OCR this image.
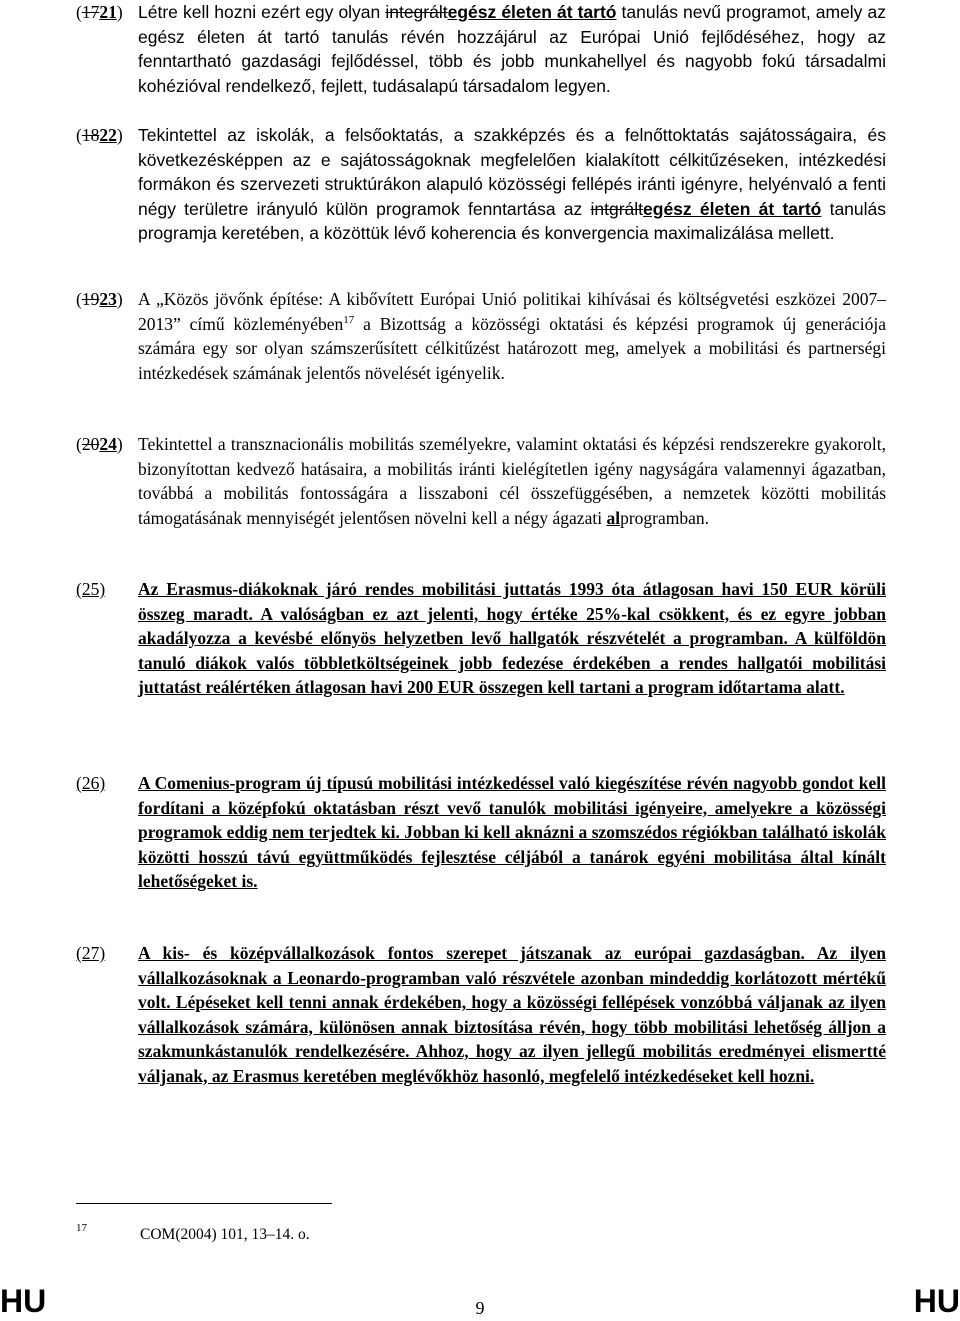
(1721) Létre kell hozni ezért egy olyan integráltegész életen át tartó tanulás nevű programot, amely az egész életen át tartó tanulás révén hozzájárul az Európai Unió fejlődéséhez, hogy az fenntartható gazdasági fejlődéssel, több és jobb munkahellyel és nagyobb fokú társadalmi kohézióval rendelkező, fejlett, tudásalapú társadalom legyen.
(1822) Tekintettel az iskolák, a felsőoktatás, a szakképzés és a felnőttoktatás sajátosságaira, és következésképpen az e sajátosságoknak megfelelően kialakított célkitűzéseken, intézkedési formákon és szervezeti struktúrákon alapuló közösségi fellépés iránti igényre, helyénvaló a fenti négy területre irányuló külön programok fenntartása az intgráltegész életen át tartó tanulás programja keretében, a közöttük lévő koherencia és konvergencia maximalizálása mellett.
(1923) A „Közös jövőnk építése: A kibővített Európai Unió politikai kihívásai és költségvetési eszközei 2007–2013” című közleményében$^{17}$ a Bizottság a közösségi oktatási és képzési programok új generációja számára egy sor olyan számszerűsített célkitűzést határozott meg, amelyek a mobilitási és partnerségi intézkedések számának jelentős növelését igényelik.
(2024) Tekintettel a transznacionális mobilitás személyekre, valamint oktatási és képzési rendszerekre gyakorolt, bizonyítottan kedvező hatásaira, a mobilitás iránti kielégítetlen igény nagyságára valamennyi ágazatban, továbbá a mobilitás fontosságára a lisszaboni cél összefüggésében, a nemzetek közötti mobilitás támogatásának mennyiségét jelentősen növelni kell a négy ágazati alprogramban.
(25) Az Erasmus-diákoknak járó rendes mobilitási juttatás 1993 óta átlagosan havi 150 EUR körüli összeg maradt. A valóságban ez azt jelenti, hogy értéke 25%-kal csökkent, és ez egyre jobban akadályozza a kevésbé előnyös helyzetben levő hallgatók részvételét a programban. A külföldön tanuló diákok valós többletköltségeinek jobb fedezése érdekében a rendes hallgatói mobilitási juttatást reálértéken átlagosan havi 200 EUR összegen kell tartani a program időtartama alatt.
(26) A Comenius-program új típusú mobilitási intézkedéssel való kiegészítése révén nagyobb gondot kell fordítani a középfokú oktatásban részt vevő tanulók mobilitási igényeire, amelyekre a közösségi programok eddig nem terjedtek ki. Jobban ki kell aknázni a szomszédos régiókban található iskolák közötti hosszú távú együttműködés fejlesztése céljából a tanárok egyéni mobilitása által kínált lehetőségeket is.
(27) A kis- és középvállalkozások fontos szerepet játszanak az európai gazdaságban. Az ilyen vállalkozásoknak a Leonardo-programban való részvétele azonban mindeddig korlátozott mértékű volt. Lépéseket kell tenni annak érdekében, hogy a közösségi fellépések vonzóbbá váljanak az ilyen vállalkozások számára, különösen annak biztosítása révén, hogy több mobilitási lehetőség álljon a szakmunkástanulók rendelkezésére. Ahhoz, hogy az ilyen jellegű mobilitás eredményei elismertté váljanak, az Erasmus keretében meglévőkhöz hasonló, megfelelő intézkedéseket kell hozni.
17	COM(2004) 101, 13–14. o.
HU	9	HU
